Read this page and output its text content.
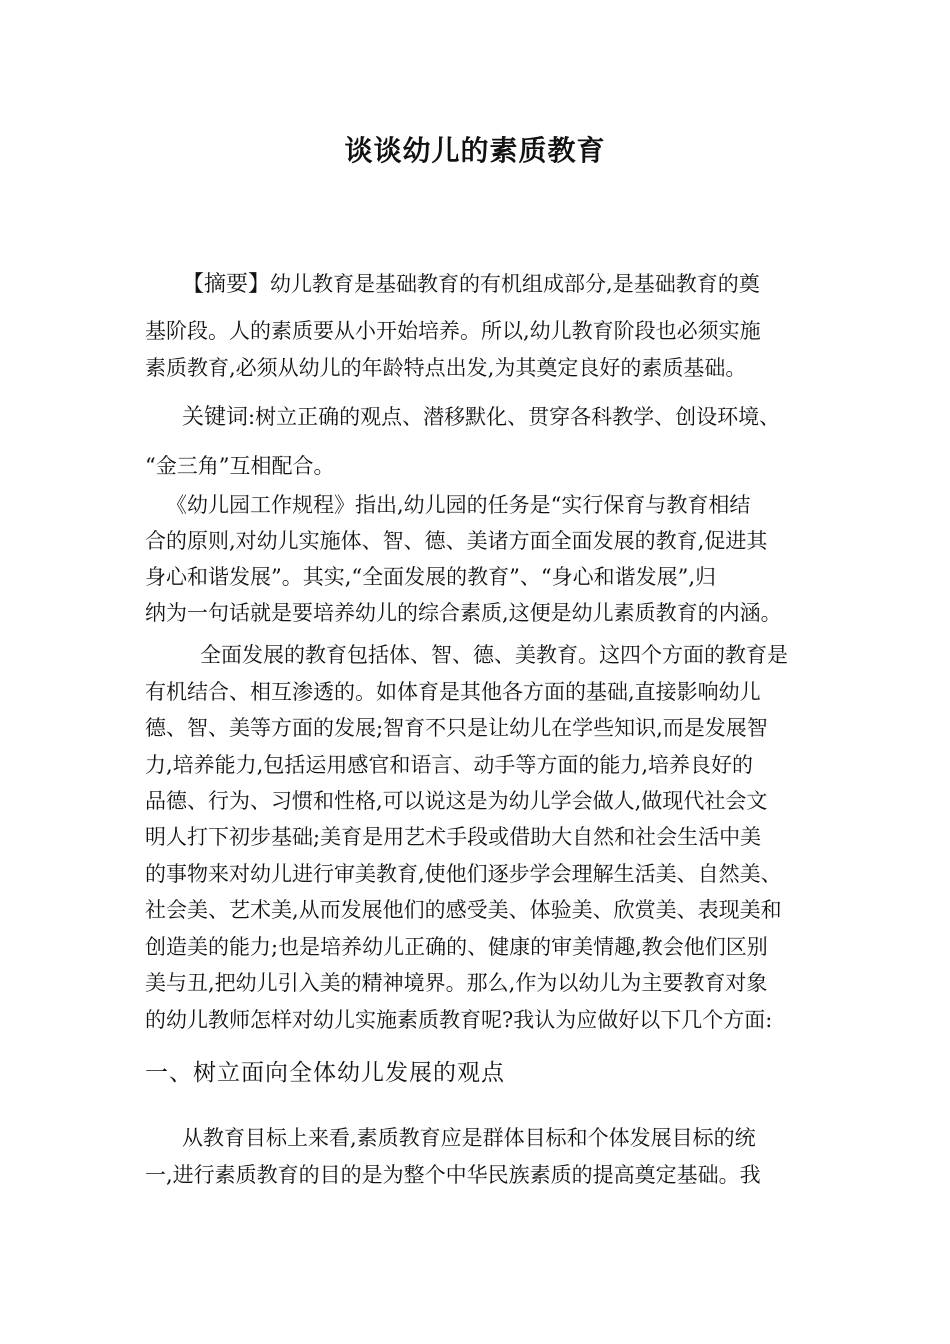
谈谈幼儿的素质教育
【摘要】幼儿教育是基础教育的有机组成部分,是基础教育的奠
基阶段。人的素质要从小开始培养。所以,幼儿教育阶段也必须实施
素质教育,必须从幼儿的年龄特点出发,为其奠定良好的素质基础。
关键词:树立正确的观点、潜移默化、贯穿各科教学、创设环境、
“金三角”互相配合。
《幼儿园工作规程》指出,幼儿园的任务是“实行保育与教育相结
合的原则,对幼儿实施体、智、德、美诸方面全面发展的教育,促进其
身心和谐发展”。其实,“全面发展的教育”、“身心和谐发展”,归
纳为一句话就是要培养幼儿的综合素质,这便是幼儿素质教育的内涵。
全面发展的教育包括体、智、德、美教育。这四个方面的教育是
有机结合、相互渗透的。如体育是其他各方面的基础,直接影响幼儿
德、智、美等方面的发展;智育不只是让幼儿在学些知识,而是发展智
力,培养能力,包括运用感官和语言、动手等方面的能力,培养良好的
品德、行为、习惯和性格,可以说这是为幼儿学会做人,做现代社会文
明人打下初步基础;美育是用艺术手段或借助大自然和社会生活中美
的事物来对幼儿进行审美教育,使他们逐步学会理解生活美、自然美、
社会美、艺术美,从而发展他们的感受美、体验美、欣赏美、表现美和
创造美的能力;也是培养幼儿正确的、健康的审美情趣,教会他们区别
美与丑,把幼儿引入美的精神境界。那么,作为以幼儿为主要教育对象
的幼儿教师怎样对幼儿实施素质教育呢?我认为应做好以下几个方面:
一、树立面向全体幼儿发展的观点
从教育目标上来看,素质教育应是群体目标和个体发展目标的统
一,进行素质教育的目的是为整个中华民族素质的提高奠定基础。我
